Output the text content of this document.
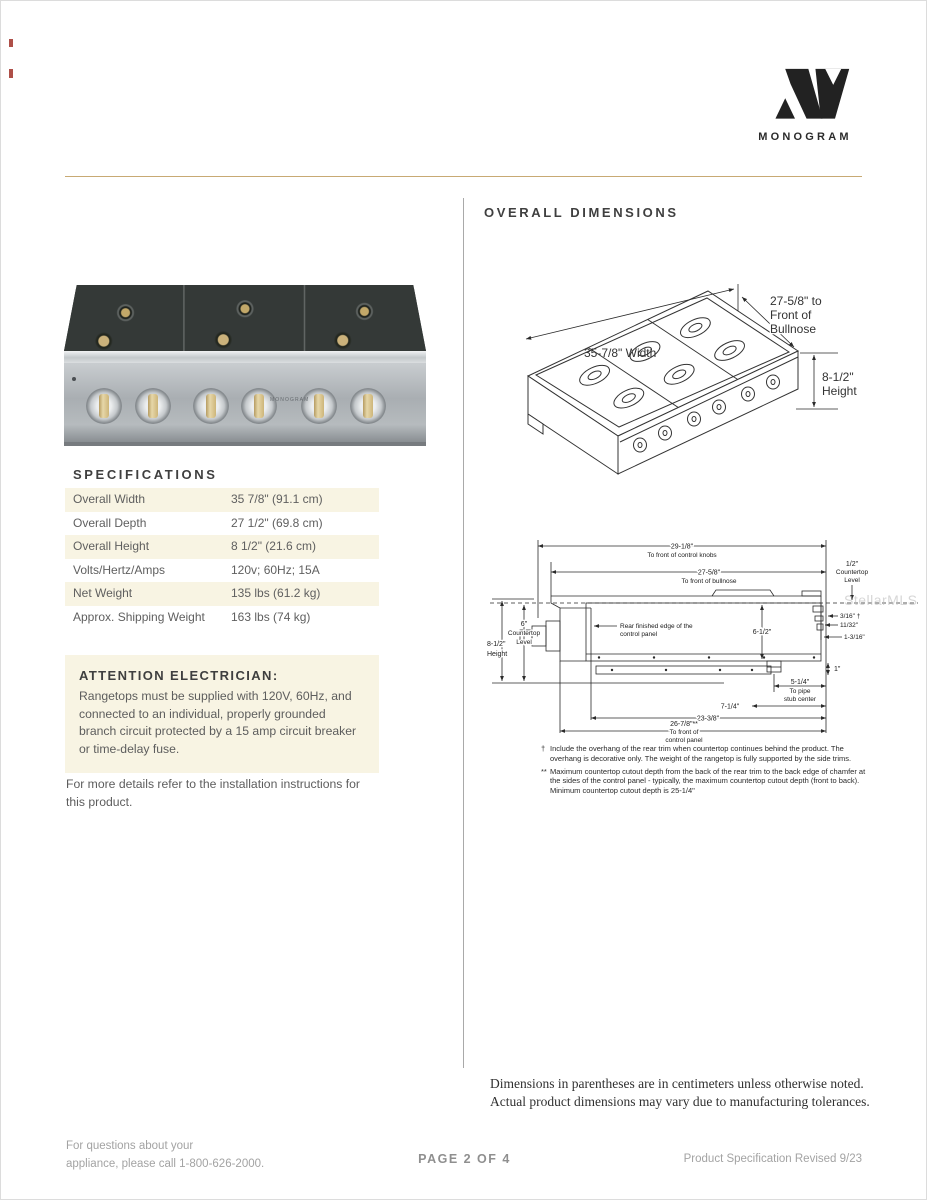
MONOGRAM
MONOGRAM
SPECIFICATIONS
Overall Width	35 7/8" (91.1 cm)
Overall Depth	27 1/2" (69.8 cm)
Overall Height	8 1/2" (21.6 cm)
Volts/Hertz/Amps	120v; 60Hz; 15A
Net Weight	135 lbs (61.2 kg)
Approx. Shipping Weight 163 lbs (74 kg)
ATTENTION ELECTRICIAN:

Rangetops must be supplied with 120V, 60Hz, and connected to an individual, properly grounded branch circuit protected by a 15 amp circuit breaker or time-delay fuse.

For more details refer to the installation instructions for this product.
OVERALL DIMENSIONS
35-7/8" Width
27-5/8" to
Front of
Bullnose
8-1/2"
Height
29-1/8"
To front of control knobs
27-5/8"
To front of bullnose
3/16" †
11/32"
1-3/16"
1/2"
Countertop
Level
Rear finished edge of the
control panel	6-1/2"
8-1/2"
Height
6"
Countertop
Level
1"
5-1/4"
To pipe
stub center
7-1/4"
23-3/8"
26-7/8"**
To front of
control panel
† Include the overhang of the rear trim when countertop continues behind the product. The overhang is decorative only. The weight of the rangetop is fully supported by the side trims.
** Maximum countertop cutout depth from the back of the rear trim to the back edge of chamfer at the sides of the control panel - typically, the maximum countertop cutout depth (front to back). Minimum countertop cutout depth is 25-1/4"
StellarMLS
Dimensions in parentheses are in centimeters unless otherwise noted.
Actual product dimensions may vary due to manufacturing tolerances.
For questions about your
appliance, please call 1-800-626-2000.	PAGE 2 OF 4	Product Specification Revised 9/23
